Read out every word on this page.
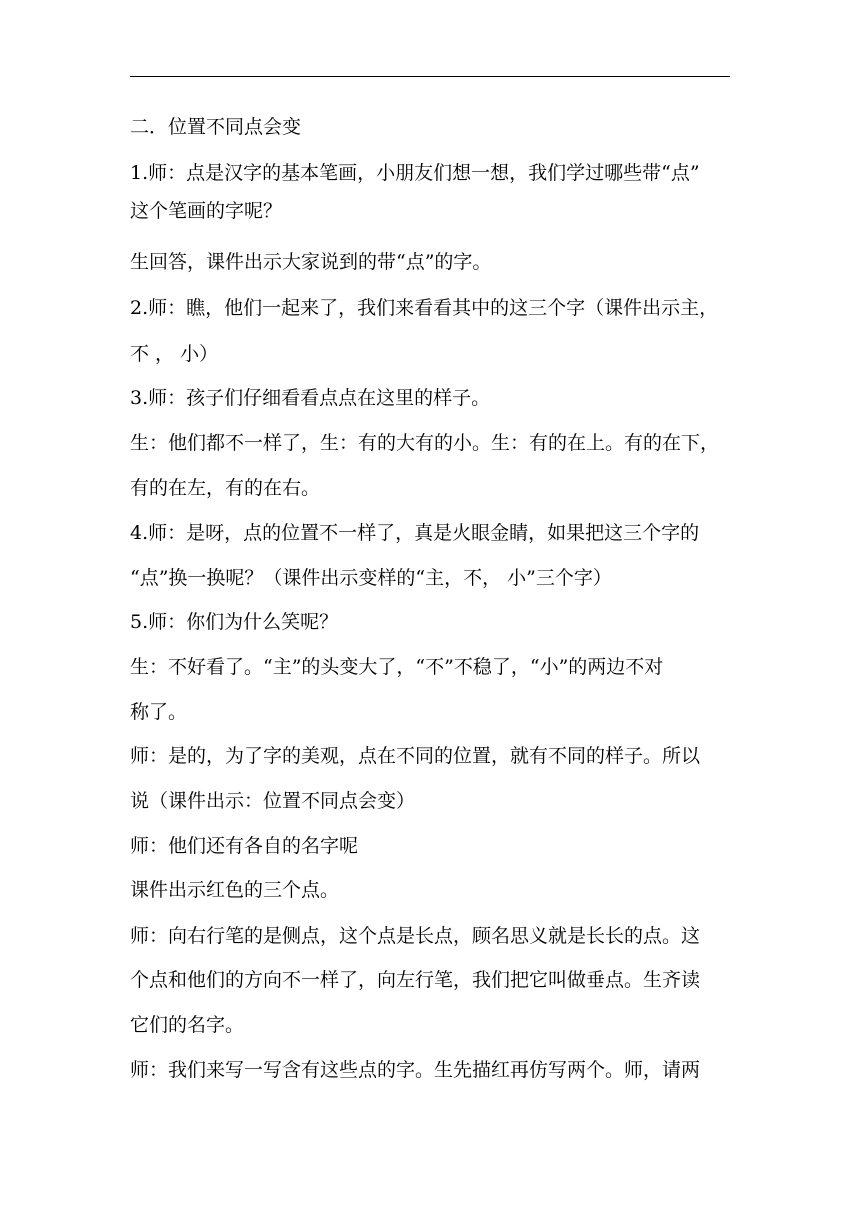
二．位置不同点会变
1.师：点是汉字的基本笔画，小朋友们想一想，我们学过哪些带“点”
这个笔画的字呢？
生回答，课件出示大家说到的带“点”的字。
2.师：瞧，他们一起来了，我们来看看其中的这三个字（课件出示主，
不 ， 小）
3.师：孩子们仔细看看点点在这里的样子。
生：他们都不一样了，生：有的大有的小。生：有的在上。有的在下，
有的在左，有的在右。
4.师：是呀，点的位置不一样了，真是火眼金睛，如果把这三个字的
“点”换一换呢？（课件出示变样的“主，不， 小”三个字）
5.师：你们为什么笑呢？
生：不好看了。“主”的头变大了，“不”不稳了，“小”的两边不对
称了。
师：是的，为了字的美观，点在不同的位置，就有不同的样子。所以
说（课件出示：位置不同点会变）
师：他们还有各自的名字呢
课件出示红色的三个点。
师：向右行笔的是侧点，这个点是长点，顾名思义就是长长的点。这
个点和他们的方向不一样了，向左行笔，我们把它叫做垂点。生齐读
它们的名字。
师：我们来写一写含有这些点的字。生先描红再仿写两个。师，请两
